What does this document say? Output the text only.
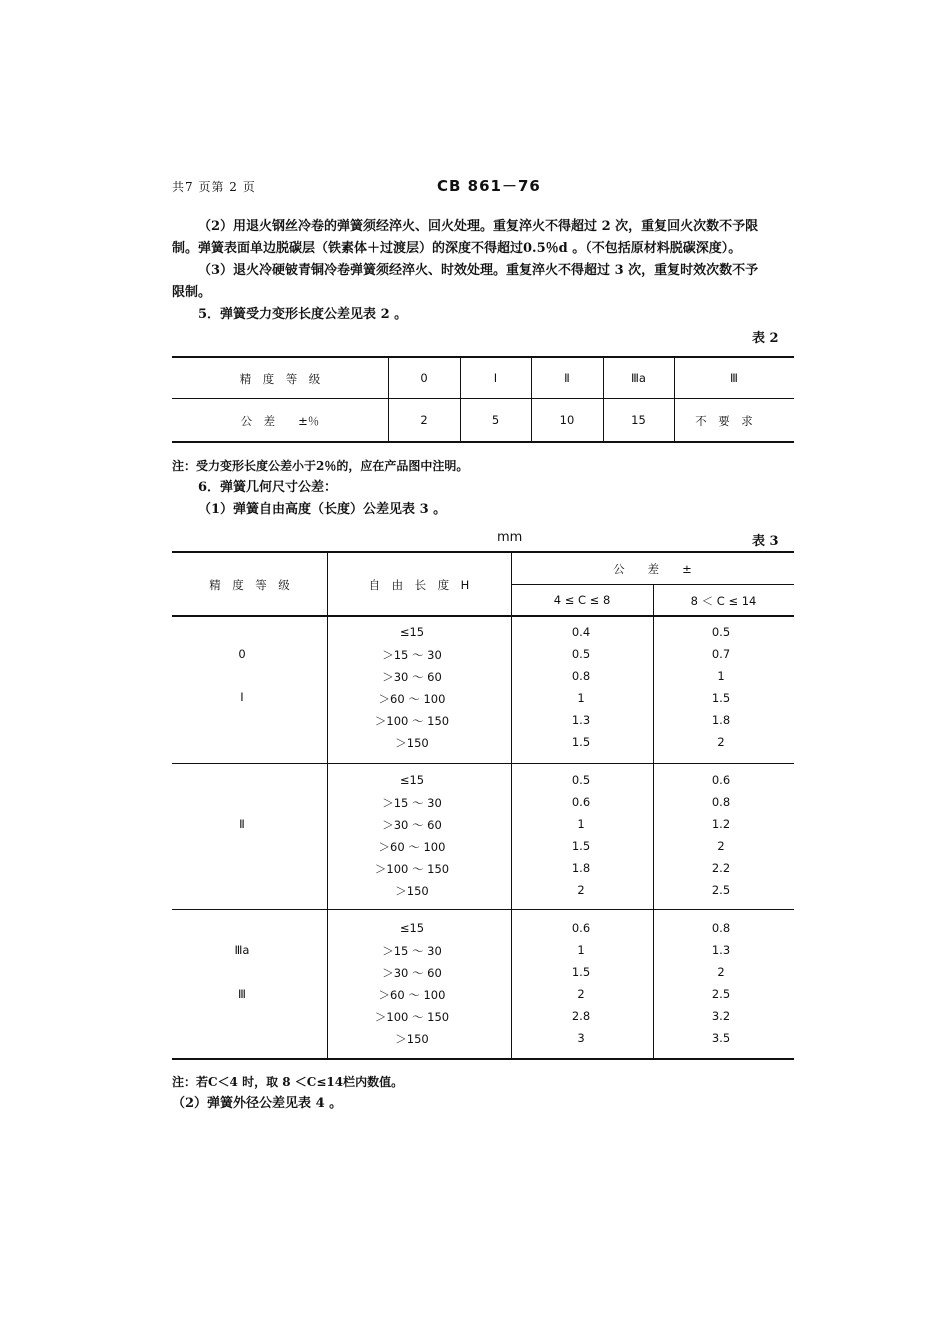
共7 页第 2 页	CB 861－76
（2）用退火钢丝冷卷的弹簧须经淬火、回火处理。重复淬火不得超过 2 次，重复回火次数不予限
制。弹簧表面单边脱碳层（铁素体＋过渡层）的深度不得超过0.5％d 。（不包括原材料脱碳深度）。
（3）退火冷硬铍青铜冷卷弹簧须经淬火、时效处理。重复淬火不得超过 3 次，重复时效次数不予
限制。
5．弹簧受力变形长度公差见表 2 。
表 2
精　度　等　级	0	Ⅰ	Ⅱ	Ⅲa	Ⅲ
公　差　　±％	2	5	10	15	不　要　求
注：受力变形长度公差小于2％的，应在产品图中注明。
6．弹簧几何尺寸公差：
（1）弹簧自由高度（长度）公差见表 3 。
mm	表 3
精　度　等　级	自　由　长　度　H
公　　差　　±
4 ≤ C ≤ 8	8 ＜ C ≤ 14
0
Ⅰ
≤15	0.4	0.5
＞15 ～ 30	0.5	0.7
＞30 ～ 60	0.8	1
＞60 ～ 100	1	1.5
＞100 ～ 150	1.3	1.8
＞150	1.5	2
Ⅱ
≤15	0.5	0.6
＞15 ～ 30	0.6	0.8
＞30 ～ 60	1	1.2
＞60 ～ 100	1.5	2
＞100 ～ 150	1.8	2.2
＞150	2	2.5
Ⅲa
Ⅲ
≤15	0.6	0.8
＞15 ～ 30	1	1.3
＞30 ～ 60	1.5	2
＞60 ～ 100	2	2.5
＞100 ～ 150	2.8	3.2
＞150	3	3.5
注：若C＜4 时，取 8 ＜C≤14栏内数值。
（2）弹簧外径公差见表 4 。
